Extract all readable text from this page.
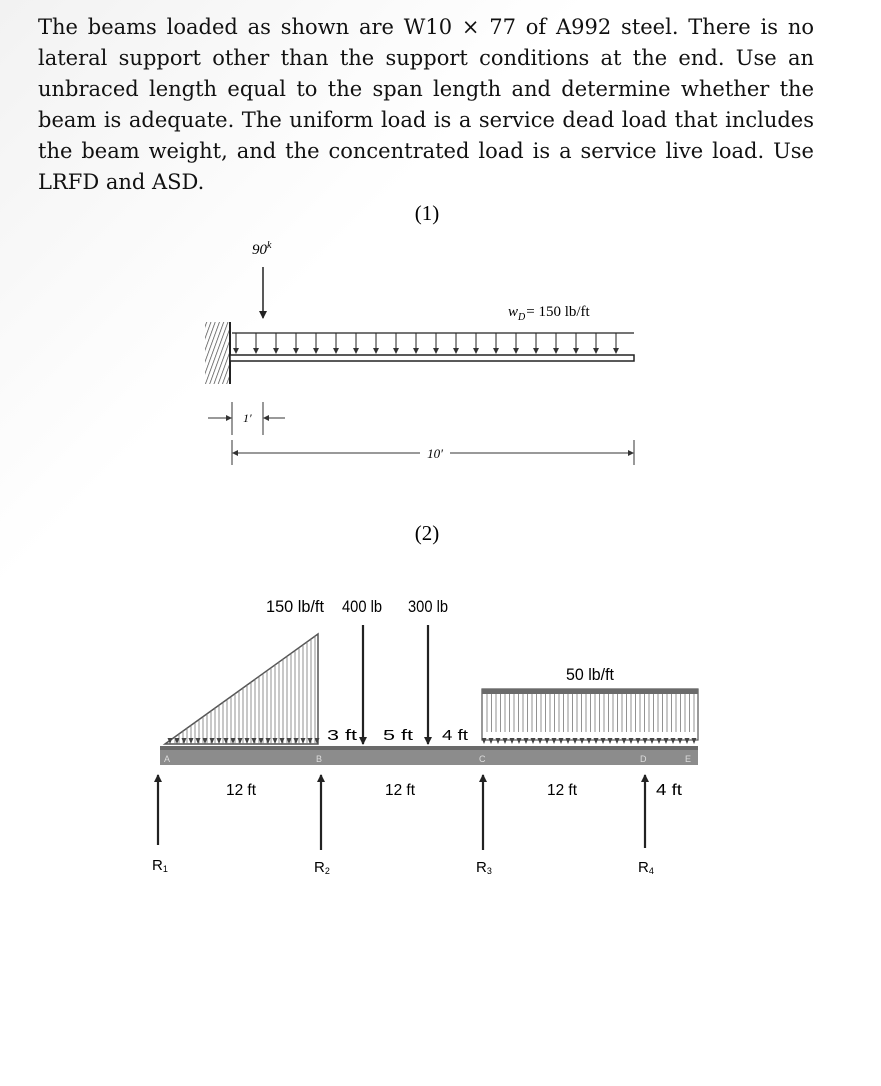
The beams loaded as shown are W10 × 77 of A992 steel. There is no lateral support other than the support conditions at the end. Use an unbraced length equal to the span length and determine whether the beam is adequate. The uniform load is a service dead load that includes the beam weight, and the concentrated load is a service live load. Use LRFD and ASD.

(1)
90$^k$
$w_D= 150$ lb/ft
1′
10′
(2)
150 lb/ft 400 lb 300 lb
50 lb/ft
3 ft 5 ft 4 ft
A	B	C	D	E
12 ft	12 ft	12 ft	4 ft
R1	R2	R3	R4
